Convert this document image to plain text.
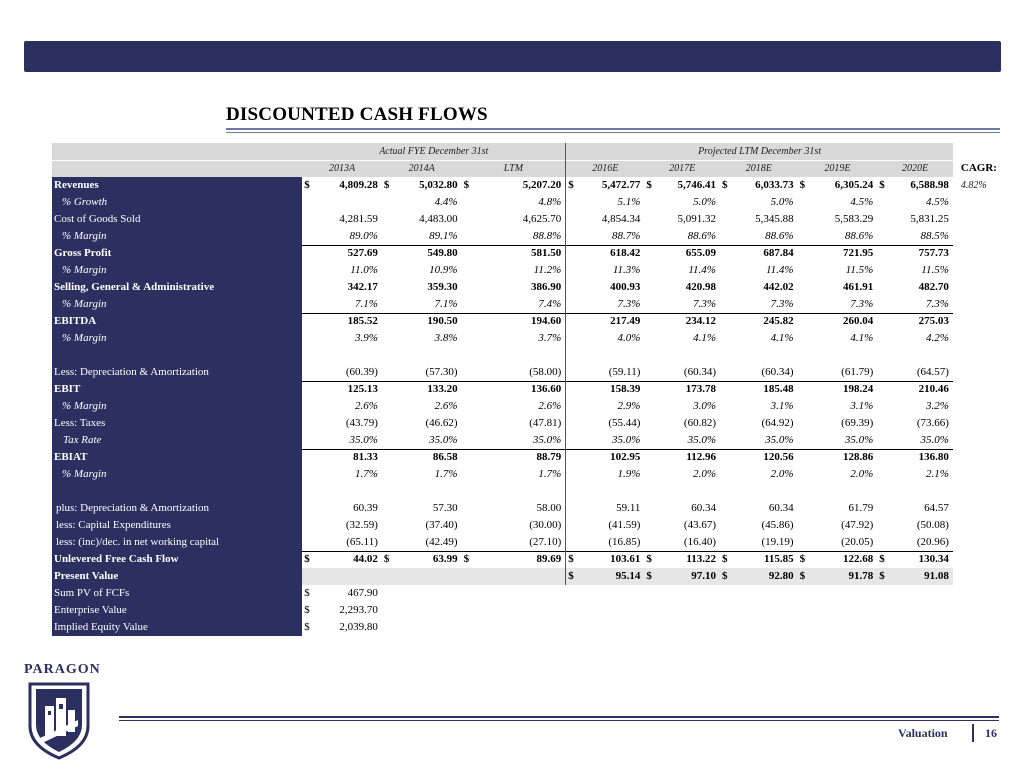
DISCOUNTED CASH FLOWS
	Actual FYE December 31st						Projected LTM December 31st										
	2013A		2014A		LTM		2016E		2017E		2018E		2019E		2020E		CAGR:
Revenues	$	4,809.28	$	5,032.80	$	5,207.20	$	5,472.77	$	5,746.41	$	6,033.73	$	6,305.24	$	6,588.98	4.82%
% Growth				4.4%		4.8%		5.1%		5.0%		5.0%		4.5%		4.5%	
Cost of Goods Sold		4,281.59		4,483.00		4,625.70		4,854.34		5,091.32		5,345.88		5,583.29		5,831.25	
% Margin		89.0%		89.1%		88.8%		88.7%		88.6%		88.6%		88.6%		88.5%	
Gross Profit		527.69		549.80		581.50		618.42		655.09		687.84		721.95		757.73	
% Margin		11.0%		10.9%		11.2%		11.3%		11.4%		11.4%		11.5%		11.5%	
Selling, General & Administrative		342.17		359.30		386.90		400.93		420.98		442.02		461.91		482.70	
% Margin		7.1%		7.1%		7.4%		7.3%		7.3%		7.3%		7.3%		7.3%	
EBITDA		185.52		190.50		194.60		217.49		234.12		245.82		260.04		275.03	
% Margin		3.9%		3.8%		3.7%		4.0%		4.1%		4.1%		4.1%		4.2%	

Less: Depreciation & Amortization		(60.39)		(57.30)		(58.00)		(59.11)		(60.34)		(60.34)		(61.79)		(64.57)	
EBIT		125.13		133.20		136.60		158.39		173.78		185.48		198.24		210.46	
% Margin		2.6%		2.6%		2.6%		2.9%		3.0%		3.1%		3.1%		3.2%	
Less: Taxes		(43.79)		(46.62)		(47.81)		(55.44)		(60.82)		(64.92)		(69.39)		(73.66)	
Tax Rate		35.0%		35.0%		35.0%		35.0%		35.0%		35.0%		35.0%		35.0%	
EBIAT		81.33		86.58		88.79		102.95		112.96		120.56		128.86		136.80	
% Margin		1.7%		1.7%		1.7%		1.9%		2.0%		2.0%		2.0%		2.1%	

plus: Depreciation & Amortization		60.39		57.30		58.00		59.11		60.34		60.34		61.79		64.57	
less: Capital Expenditures		(32.59)		(37.40)		(30.00)		(41.59)		(43.67)		(45.86)		(47.92)		(50.08)	
less: (inc)/dec. in net working capital		(65.11)		(42.49)		(27.10)		(16.85)		(16.40)		(19.19)		(20.05)		(20.96)	
Unlevered Free Cash Flow	$	44.02	$	63.99	$	89.69	$	103.61	$	113.22	$	115.85	$	122.68	$	130.34	
Present Value							$	95.14	$	97.10	$	92.80	$	91.78	$	91.08	
Sum PV of FCFs	$	467.90															
Enterprise Value	$	2,293.70															
Implied Equity Value	$	2,039.80															
PARAGON
Valuation	16
